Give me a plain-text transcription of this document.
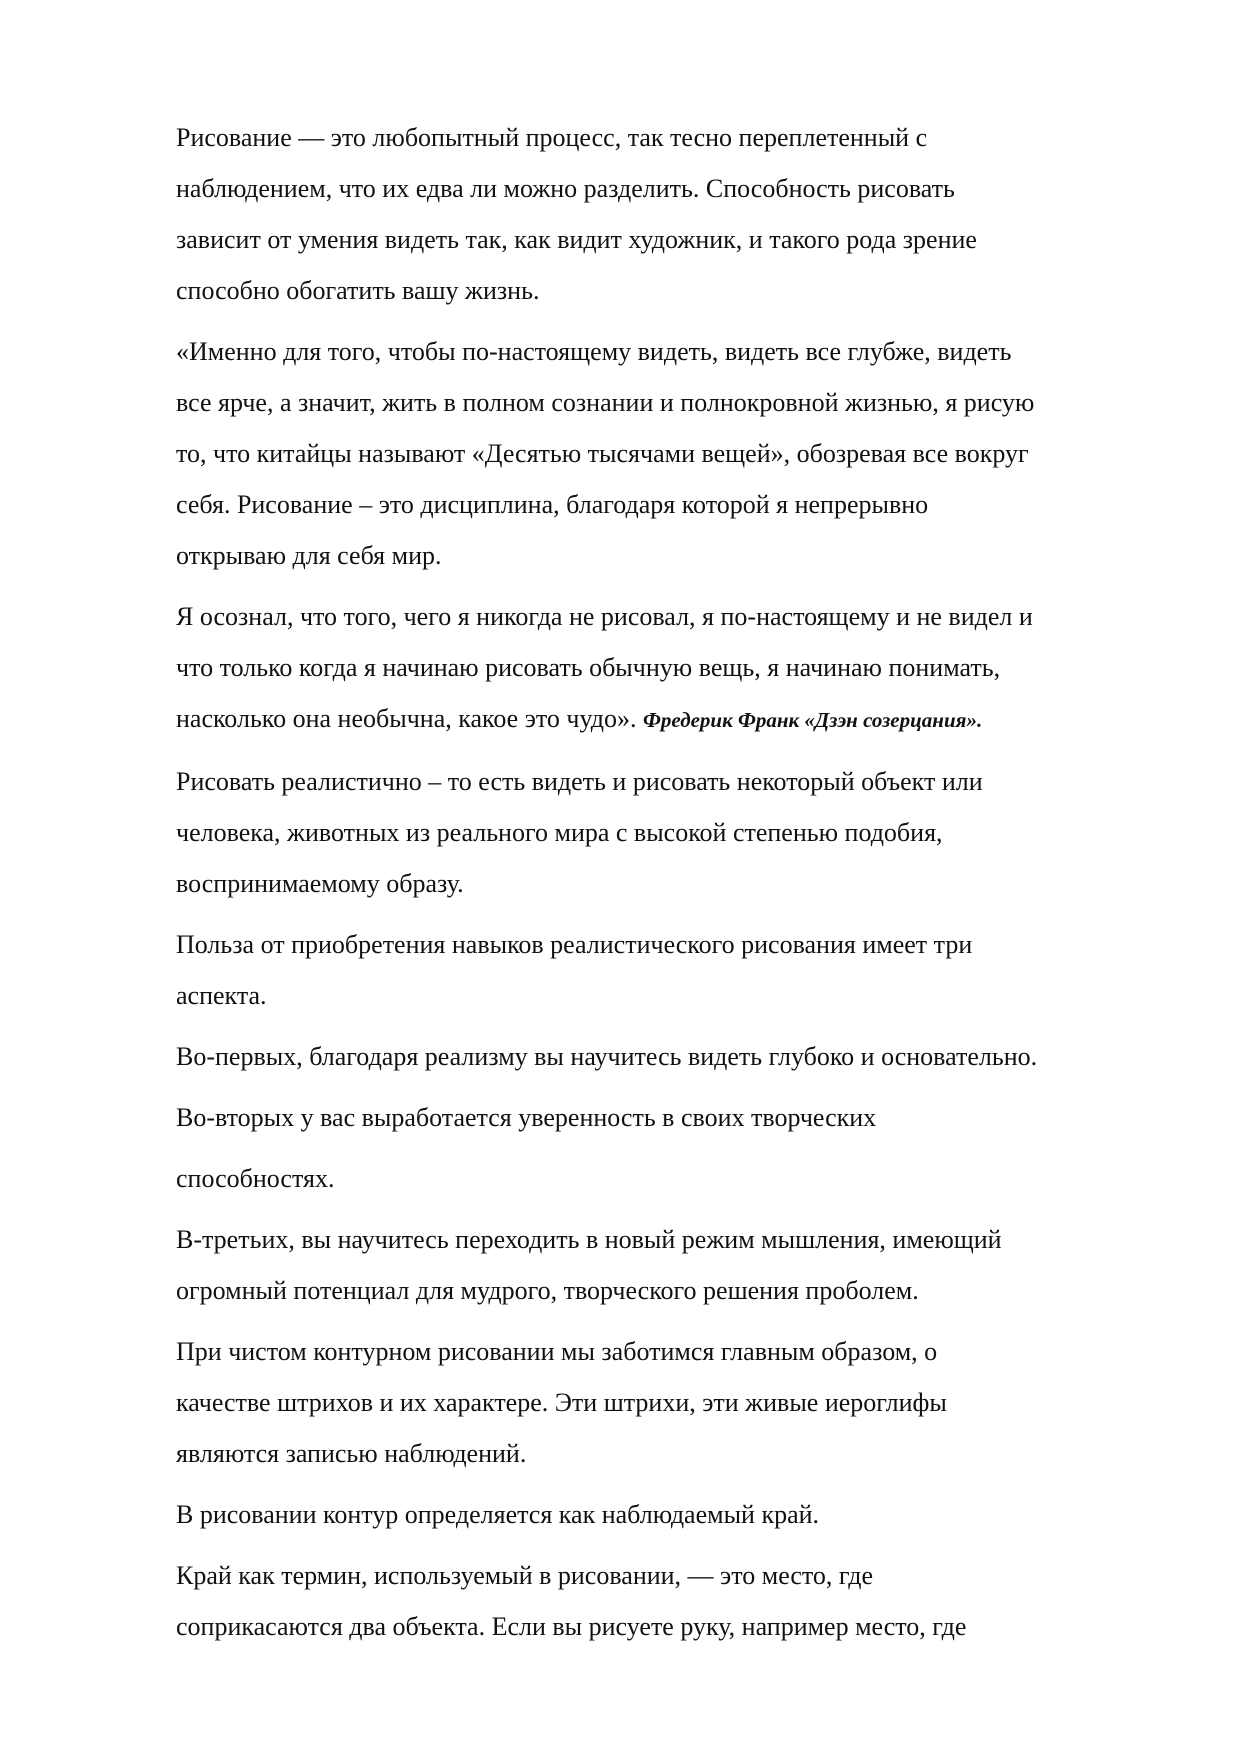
Рисование — это любопытный процесс, так тесно переплетенный с
наблюдением, что их едва ли можно разделить. Способность рисовать
зависит от умения видеть так, как видит художник, и такого рода зрение
способно обогатить вашу жизнь.

«Именно для того, чтобы по-настоящему видеть, видеть все глубже, видеть
все ярче, а значит, жить в полном сознании и полнокровной жизнью, я рисую
то, что китайцы называют «Десятью тысячами вещей», обозревая все вокруг
себя. Рисование – это дисциплина, благодаря которой я непрерывно
открываю для себя мир.

Я осознал, что того, чего я никогда не рисовал, я по-настоящему и не видел и
что только когда я начинаю рисовать обычную вещь, я начинаю понимать,
насколько она необычна, какое это чудо». Фредерик Франк «Дзэн созерцания».

Рисовать реалистично – то есть видеть и рисовать некоторый объект или
человека, животных из реального мира с высокой степенью подобия,
воспринимаемому образу.

Польза от приобретения навыков реалистического рисования имеет три
аспекта.

Во-первых, благодаря реализму вы научитесь видеть глубоко и основательно.

Во-вторых у вас выработается уверенность в своих творческих

способностях.

В-третьих, вы научитесь переходить в новый режим мышления, имеющий
огромный потенциал для мудрого, творческого решения проболем.

При чистом контурном рисовании мы заботимся главным образом, о
качестве штрихов и их характере. Эти штрихи, эти живые иероглифы
являются записью наблюдений.

В рисовании контур определяется как наблюдаемый край.

Край как термин, используемый в рисовании, — это место, где
соприкасаются два объекта. Если вы рисуете руку, например место, где
